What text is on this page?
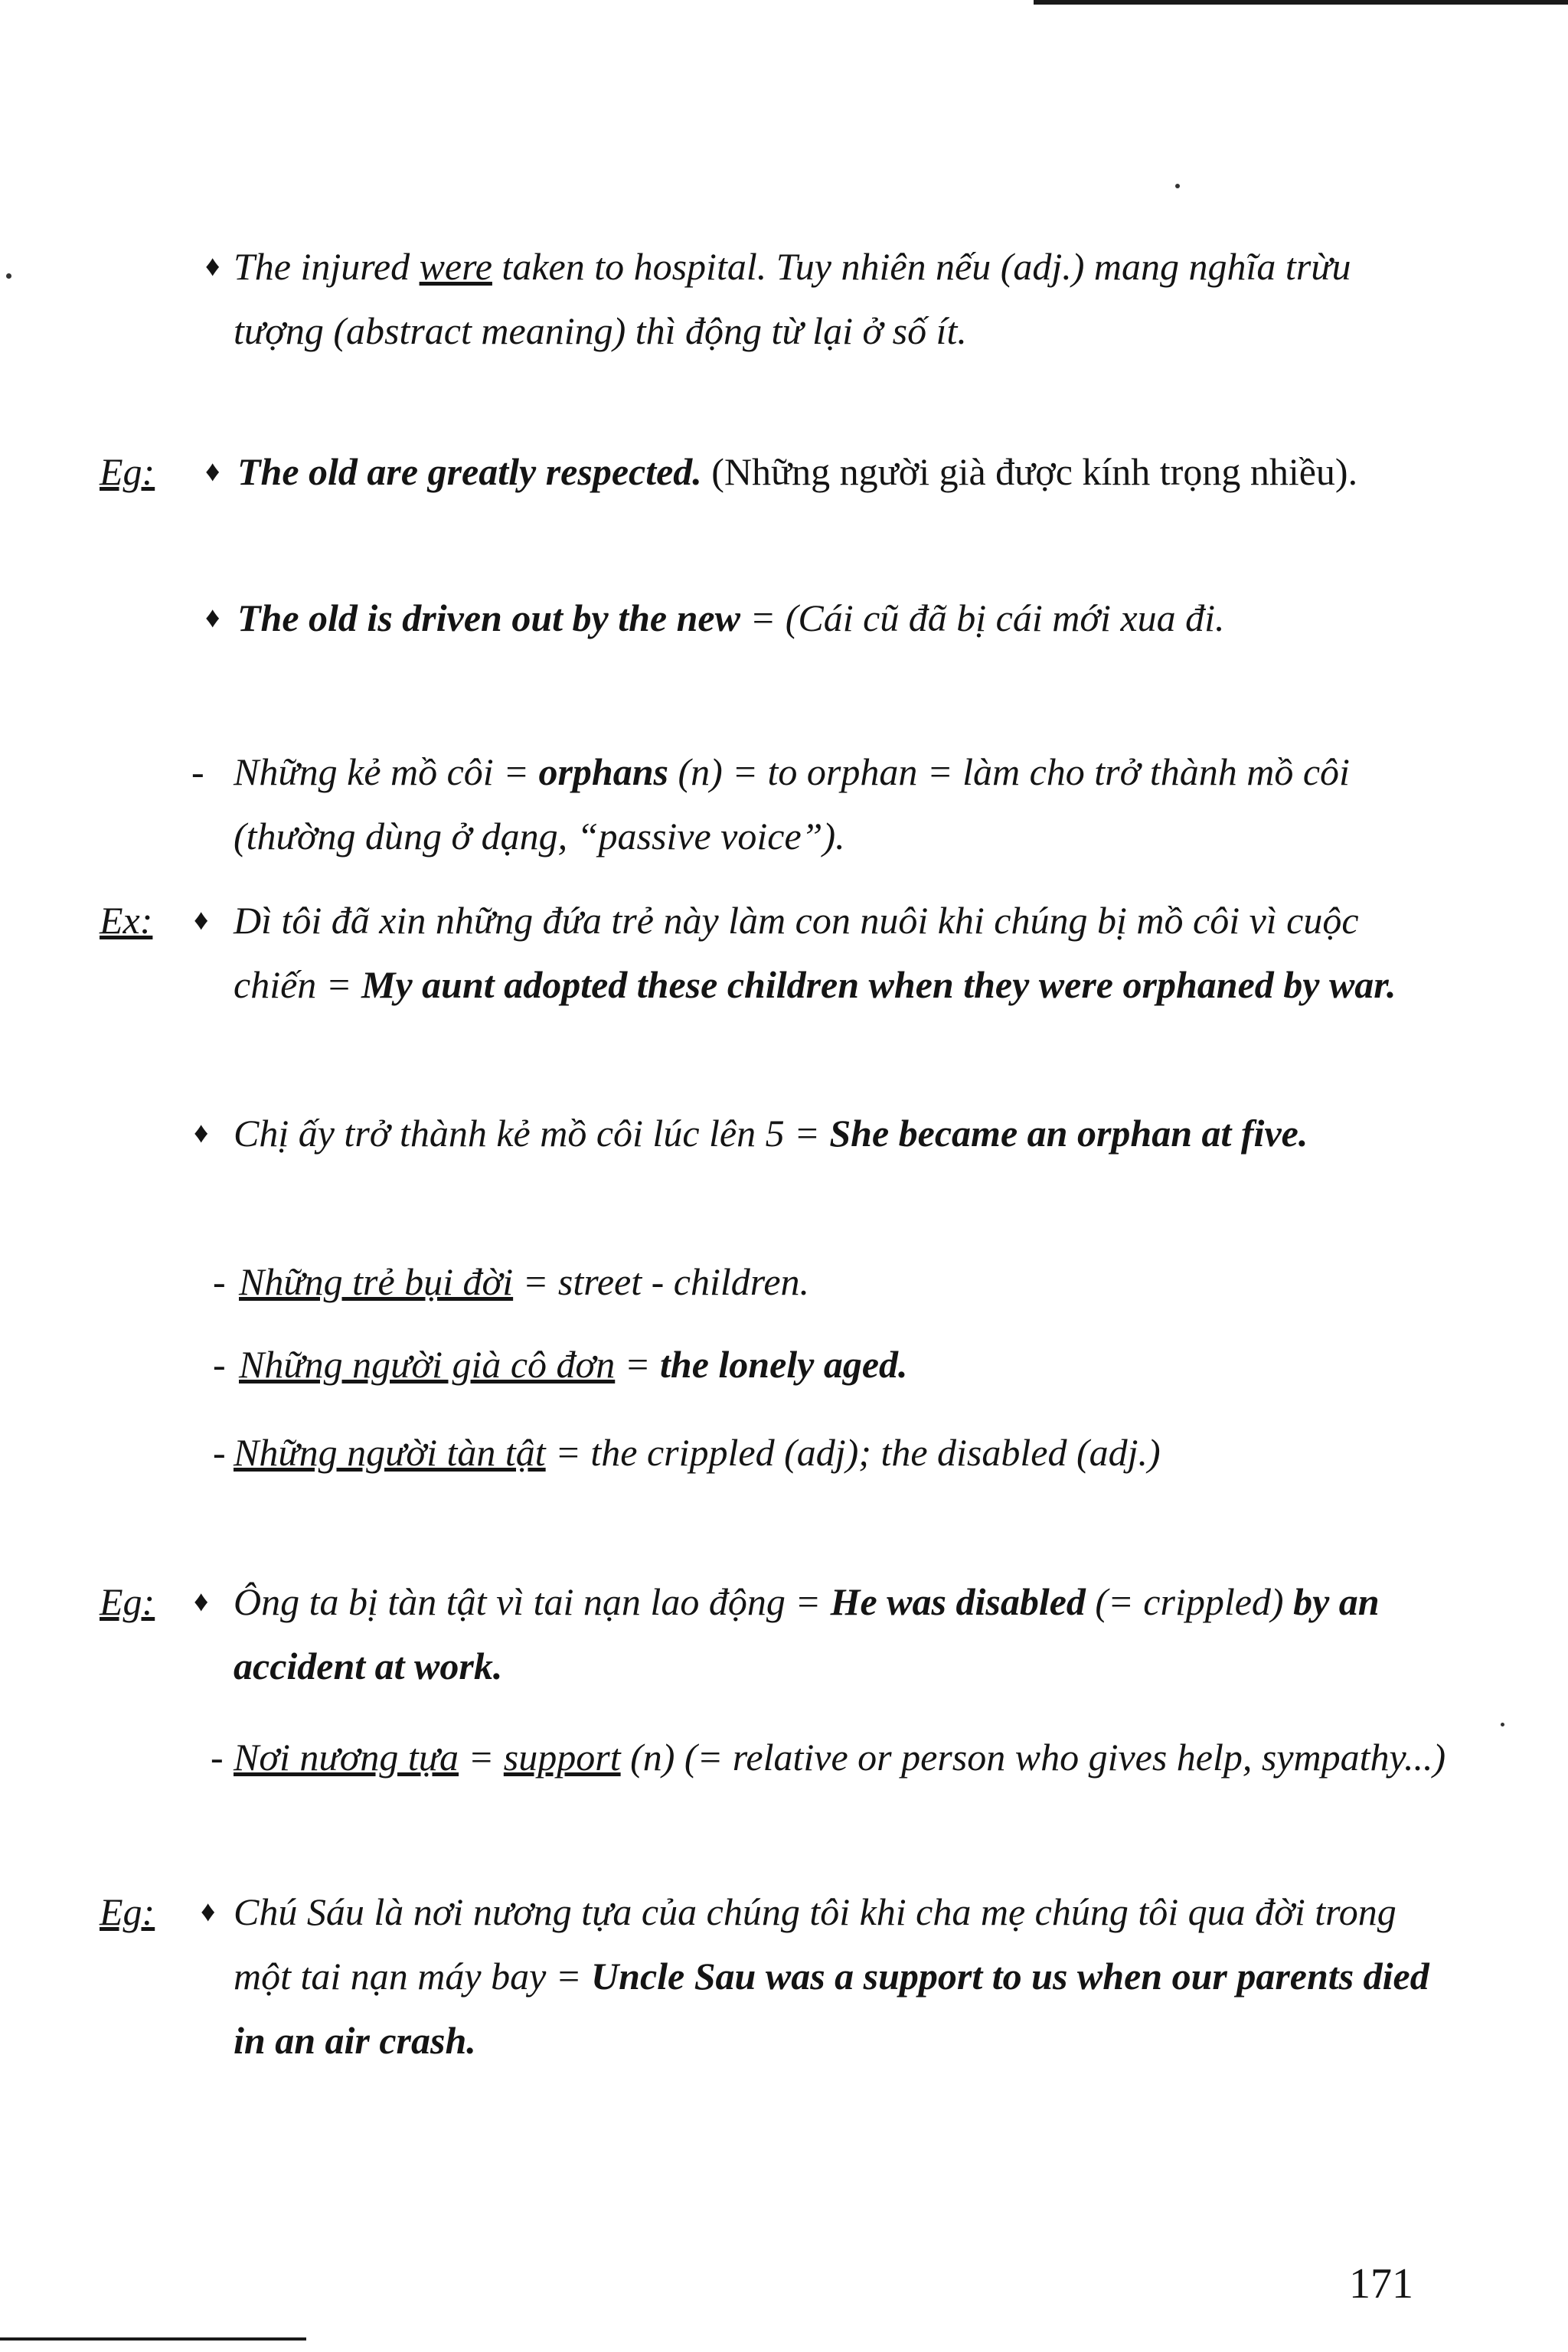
♦ The injured were taken to hospital. Tuy nhiên nếu (adj.) mang nghĩa trừu tượng (abstract meaning) thì động từ lại ở số ít.
Eg: ♦ The old are greatly respected. (Những người già được kính trọng nhiều).
♦ The old is driven out by the new = (Cái cũ đã bị cái mới xua đi.
- Những kẻ mồ côi = orphans (n) = to orphan = làm cho trở thành mồ côi (thường dùng ở dạng, “passive voice”).
Ex: ♦ Dì tôi đã xin những đứa trẻ này làm con nuôi khi chúng bị mồ côi vì cuộc chiến = My aunt adopted these children when they were orphaned by war.
♦ Chị ấy trở thành kẻ mồ côi lúc lên 5 = She became an orphan at five.
- Những trẻ bụi đời = street - children.
- Những người già cô đơn = the lonely aged.
- Những người tàn tật = the crippled (adj); the disabled (adj.)
Eg: ♦ Ông ta bị tàn tật vì tai nạn lao động = He was disabled (= crippled) by an accident at work.
- Nơi nương tựa = support (n) (= relative or person who gives help, sympathy...)
Eg: ♦ Chú Sáu là nơi nương tựa của chúng tôi khi cha mẹ chúng tôi qua đời trong một tai nạn máy bay = Uncle Sau was a support to us when our parents died in an air crash.
171
